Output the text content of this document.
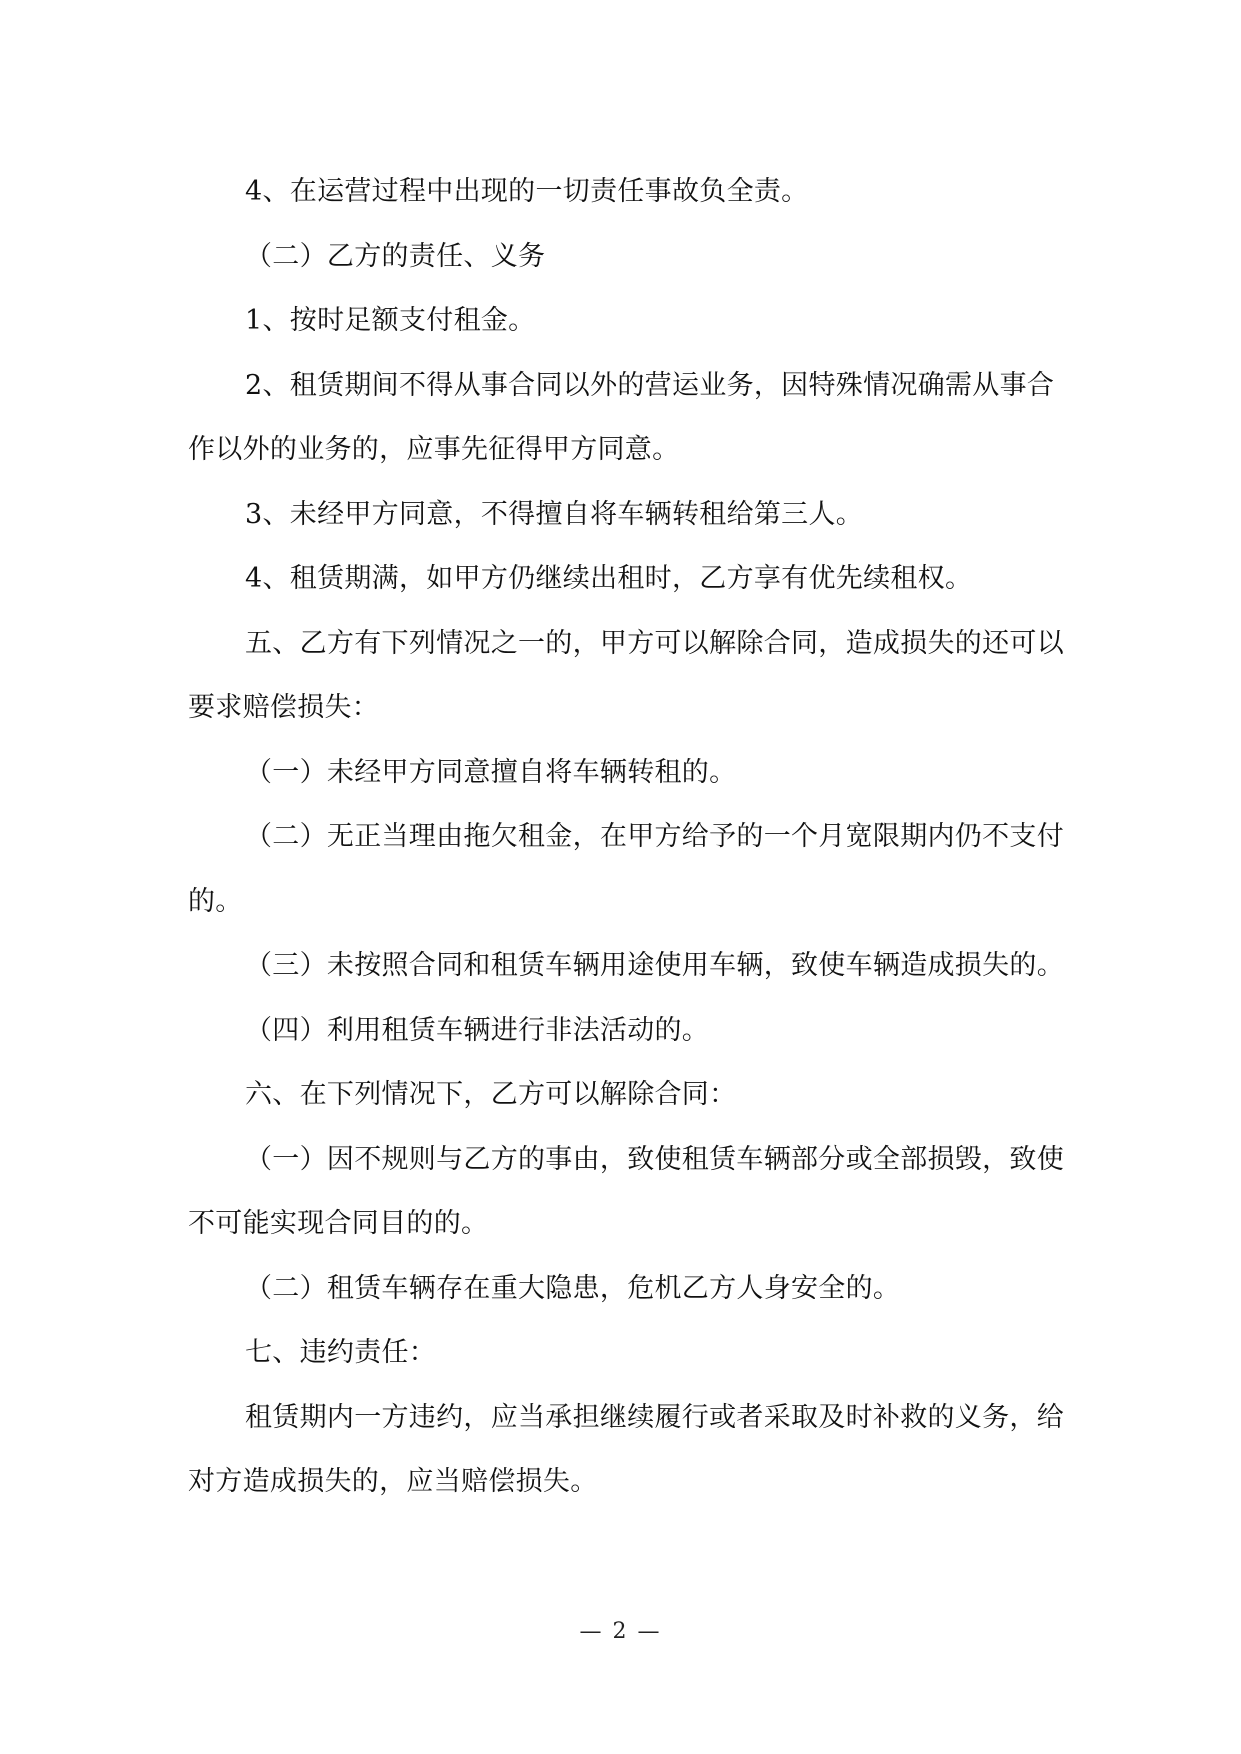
4、在运营过程中出现的一切责任事故负全责。

（二）乙方的责任、义务

1、按时足额支付租金。

2、租赁期间不得从事合同以外的营运业务，因特殊情况确需从事合作以外的业务的，应事先征得甲方同意。

3、未经甲方同意，不得擅自将车辆转租给第三人。

4、租赁期满，如甲方仍继续出租时，乙方享有优先续租权。

五、乙方有下列情况之一的，甲方可以解除合同，造成损失的还可以要求赔偿损失：

（一）未经甲方同意擅自将车辆转租的。

（二）无正当理由拖欠租金，在甲方给予的一个月宽限期内仍不支付的。

（三）未按照合同和租赁车辆用途使用车辆，致使车辆造成损失的。

（四）利用租赁车辆进行非法活动的。

六、在下列情况下，乙方可以解除合同：

（一）因不规则与乙方的事由，致使租赁车辆部分或全部损毁，致使不可能实现合同目的的。

（二）租赁车辆存在重大隐患，危机乙方人身安全的。

七、违约责任：

租赁期内一方违约，应当承担继续履行或者采取及时补救的义务，给对方造成损失的，应当赔偿损失。

— 2 —
